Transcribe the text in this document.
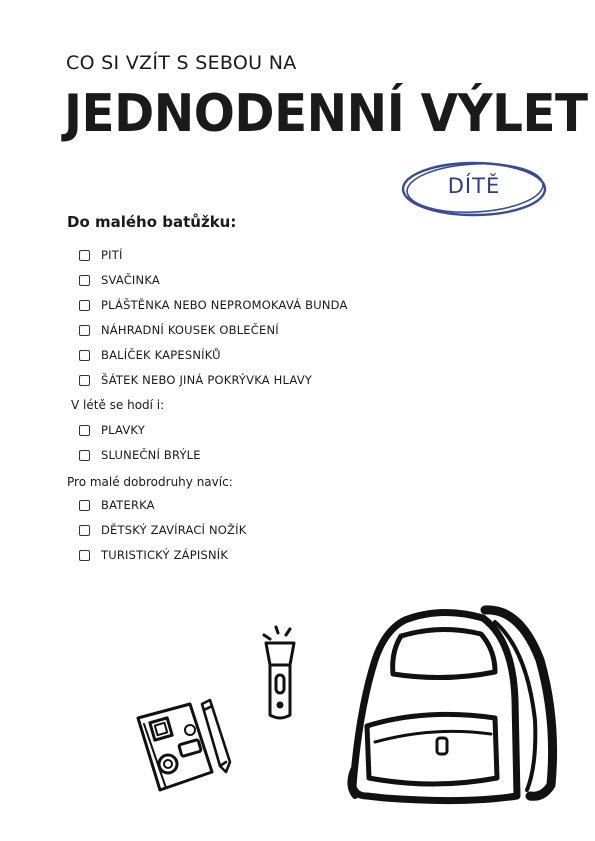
CO SI VZÍT S SEBOU NA
JEDNODENNÍ VÝLET
DÍTĚ
Do malého batůžku:
PITÍ
SVAČINKA
PLÁŠTĚNKA NEBO NEPROMOKAVÁ BUNDA
NÁHRADNÍ KOUSEK OBLEČENÍ
BALÍČEK KAPESNÍKŮ
ŠÁTEK NEBO JINÁ POKRÝVKA HLAVY
V létě se hodí i:
PLAVKY
SLUNEČNÍ BRÝLE
Pro malé dobrodruhy navíc:
BATERKA
DĚTSKÝ ZAVÍRACÍ NOŽÍK
TURISTICKÝ ZÁPISNÍK
